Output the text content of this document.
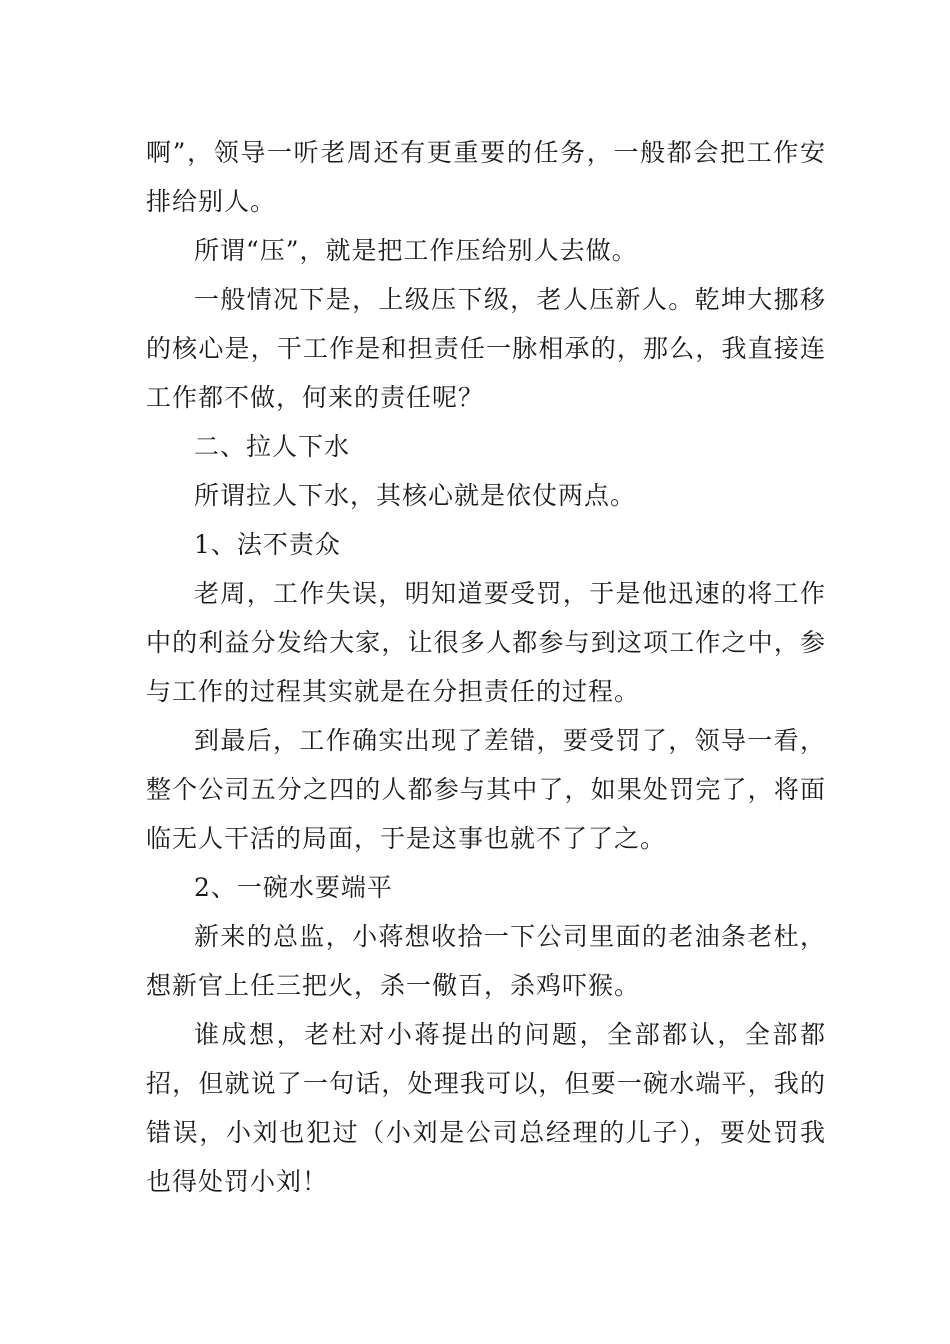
啊”，领导一听老周还有更重要的任务，一般都会把工作安排给别人。

所谓“压”，就是把工作压给别人去做。

一般情况下是，上级压下级，老人压新人。乾坤大挪移的核心是，干工作是和担责任一脉相承的，那么，我直接连工作都不做，何来的责任呢？

二、拉人下水

所谓拉人下水，其核心就是依仗两点。

1、法不责众

老周，工作失误，明知道要受罚，于是他迅速的将工作中的利益分发给大家，让很多人都参与到这项工作之中，参与工作的过程其实就是在分担责任的过程。

到最后，工作确实出现了差错，要受罚了，领导一看，整个公司五分之四的人都参与其中了，如果处罚完了，将面临无人干活的局面，于是这事也就不了了之。

2、一碗水要端平

新来的总监，小蒋想收拾一下公司里面的老油条老杜，想新官上任三把火，杀一儆百，杀鸡吓猴。

谁成想，老杜对小蒋提出的问题，全部都认，全部都招，但就说了一句话，处理我可以，但要一碗水端平，我的错误，小刘也犯过（小刘是公司总经理的儿子），要处罚我也得处罚小刘！
